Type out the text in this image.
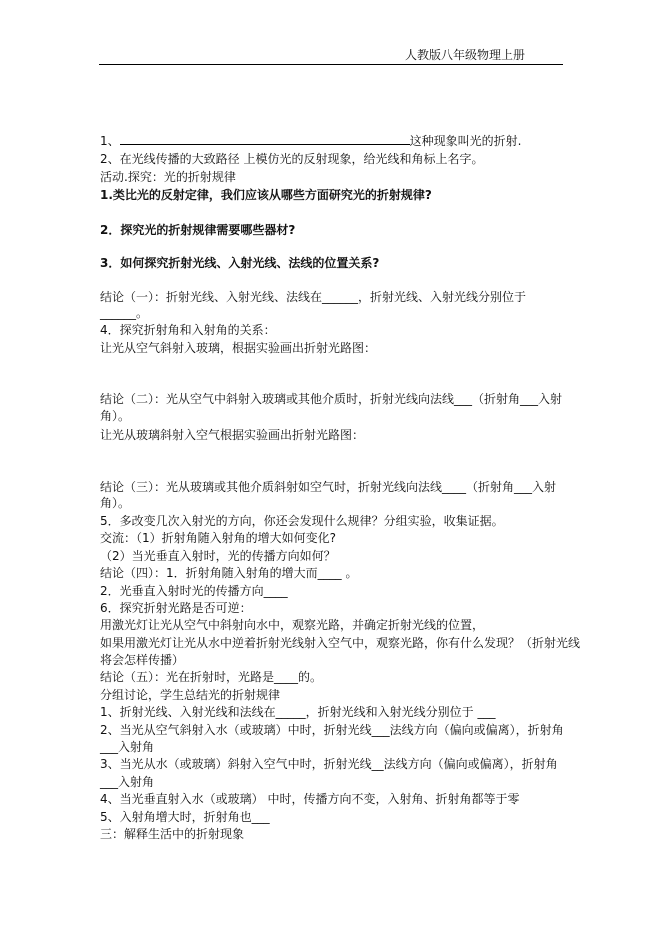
人教版八年级物理上册
1、	这种现象叫光的折射.
2、在光线传播的大致路径 上模仿光的反射现象，给光线和角标上名字。
活动.探究：光的折射规律
1.类比光的反射定律，我们应该从哪些方面研究光的折射规律?
2．探究光的折射规律需要哪些器材?
3．如何探究折射光线、入射光线、法线的位置关系?
结论（一）：折射光线、入射光线、法线在______，折射光线、入射光线分别位于
______。
4．探究折射角和入射角的关系：
让光从空气斜射入玻璃，根据实验画出折射光路图：
结论（二）：光从空气中斜射入玻璃或其他介质时，折射光线向法线___（折射角___入射
角）。
让光从玻璃斜射入空气根据实验画出折射光路图：
结论（三）：光从玻璃或其他介质斜射如空气时，折射光线向法线____（折射角___入射
角）。
5．多改变几次入射光的方向，你还会发现什么规律？分组实验，收集证据。
交流：（1）折射角随入射角的增大如何变化?
（2）当光垂直入射时，光的传播方向如何？
结论（四）：1．折射角随入射角的增大而____ 。
2．光垂直入射时光的传播方向____
6．探究折射光路是否可逆：
用激光灯让光从空气中斜射向水中，观察光路，并确定折射光线的位置，
如果用激光灯让光从水中逆着折射光线射入空气中，观察光路，你有什么发现？（折射光线
将会怎样传播）
结论（五）：光在折射时，光路是____的。
分组讨论，学生总结光的折射规律
1、折射光线、入射光线和法线在_____，折射光线和入射光线分别位于 ___
2、当光从空气斜射入水（或玻璃）中时，折射光线___法线方向（偏向或偏离），折射角
___入射角
3、当光从水（或玻璃）斜射入空气中时，折射光线__法线方向（偏向或偏离），折射角
___入射角
4、当光垂直射入水（或玻璃） 中时，传播方向不变，入射角、折射角都等于零
5、入射角增大时，折射角也___
三：解释生活中的折射现象
